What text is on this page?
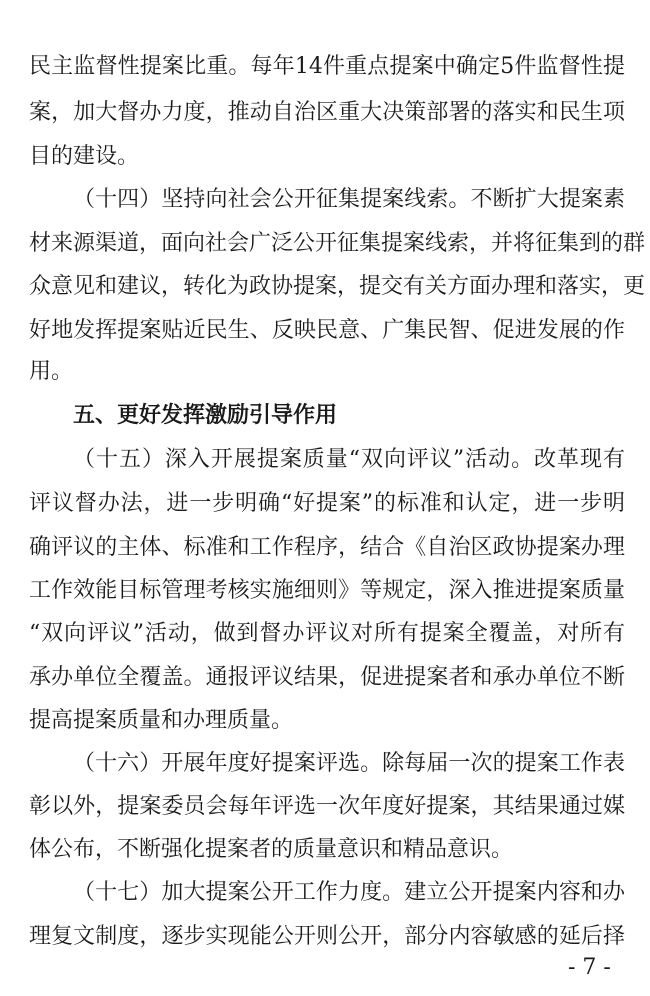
民主监督性提案比重。每年14件重点提案中确定5件监督性提
案，加大督办力度，推动自治区重大决策部署的落实和民生项
目的建设。
（十四）坚持向社会公开征集提案线索。不断扩大提案素
材来源渠道，面向社会广泛公开征集提案线索，并将征集到的群
众意见和建议，转化为政协提案，提交有关方面办理和落实，更
好地发挥提案贴近民生、反映民意、广集民智、促进发展的作
用。
五、更好发挥激励引导作用
（十五）深入开展提案质量“双向评议”活动。改革现有
评议督办法，进一步明确“好提案”的标准和认定，进一步明
确评议的主体、标准和工作程序，结合《自治区政协提案办理
工作效能目标管理考核实施细则》等规定，深入推进提案质量
“双向评议”活动，做到督办评议对所有提案全覆盖，对所有
承办单位全覆盖。通报评议结果，促进提案者和承办单位不断
提高提案质量和办理质量。
（十六）开展年度好提案评选。除每届一次的提案工作表
彰以外，提案委员会每年评选一次年度好提案，其结果通过媒
体公布，不断强化提案者的质量意识和精品意识。
（十七）加大提案公开工作力度。建立公开提案内容和办
理复文制度，逐步实现能公开则公开，部分内容敏感的延后择
- 7 -
